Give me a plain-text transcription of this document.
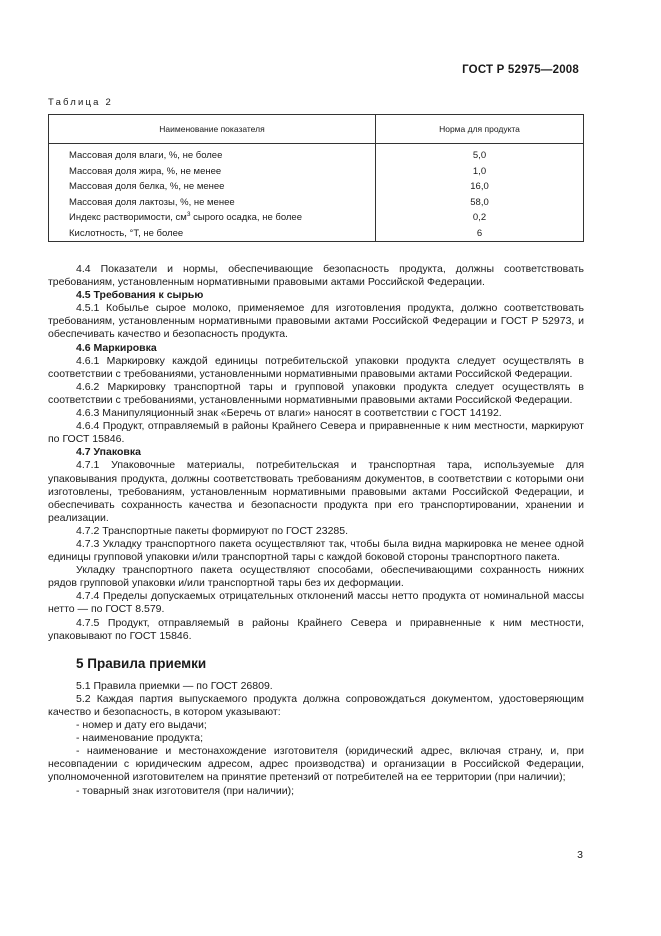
ГОСТ Р 52975—2008
Таблица 2
Наименование показателя	Норма для продукта
Массовая доля влаги, %, не более	5,0
Массовая доля жира, %, не менее	1,0
Массовая доля белка, %, не менее	16,0
Массовая доля лактозы, %, не менее	58,0
Индекс растворимости, $см^3$ сырого осадка, не более	0,2
Кислотность, °Т, не более	6

4.4 Показатели и нормы, обеспечивающие безопасность продукта, должны соответствовать требованиям, установленным нормативными правовыми актами Российской Федерации.

4.5 Требования к сырью

4.5.1 Кобылье сырое молоко, применяемое для изготовления продукта, должно соответствовать требованиям, установленным нормативными правовыми актами Российской Федерации и ГОСТ Р 52973, и обеспечивать качество и безопасность продукта.

4.6 Маркировка

4.6.1 Маркировку каждой единицы потребительской упаковки продукта следует осуществлять в соответствии с требованиями, установленными нормативными правовыми актами Российской Федерации.

4.6.2 Маркировку транспортной тары и групповой упаковки продукта следует осуществлять в соответствии с требованиями, установленными нормативными правовыми актами Российской Федерации.

4.6.3 Манипуляционный знак «Беречь от влаги» наносят в соответствии с ГОСТ 14192.

4.6.4 Продукт, отправляемый в районы Крайнего Севера и приравненные к ним местности, маркируют по ГОСТ 15846.

4.7 Упаковка

4.7.1 Упаковочные материалы, потребительская и транспортная тара, используемые для упаковывания продукта, должны соответствовать требованиям документов, в соответствии с которыми они изготовлены, требованиям, установленным нормативными правовыми актами Российской Федерации, и обеспечивать сохранность качества и безопасности продукта при его транспортировании, хранении и реализации.

4.7.2 Транспортные пакеты формируют по ГОСТ 23285.

4.7.3 Укладку транспортного пакета осуществляют так, чтобы была видна маркировка не менее одной единицы групповой упаковки и/или транспортной тары с каждой боковой стороны транспортного пакета.

Укладку транспортного пакета осуществляют способами, обеспечивающими сохранность нижних рядов групповой упаковки и/или транспортной тары без их деформации.

4.7.4 Пределы допускаемых отрицательных отклонений массы нетто продукта от номинальной массы нетто — по ГОСТ 8.579.

4.7.5 Продукт, отправляемый в районы Крайнего Севера и приравненные к ним местности, упаковывают по ГОСТ 15846.

5 Правила приемки

5.1 Правила приемки — по ГОСТ 26809.

5.2 Каждая партия выпускаемого продукта должна сопровождаться документом, удостоверяющим качество и безопасность, в котором указывают:

- номер и дату его выдачи;

- наименование продукта;

- наименование и местонахождение изготовителя (юридический адрес, включая страну, и, при несовпадении с юридическим адресом, адрес производства) и организации в Российской Федерации, уполномоченной изготовителем на принятие претензий от потребителей на ее территории (при наличии);

- товарный знак изготовителя (при наличии);

3
